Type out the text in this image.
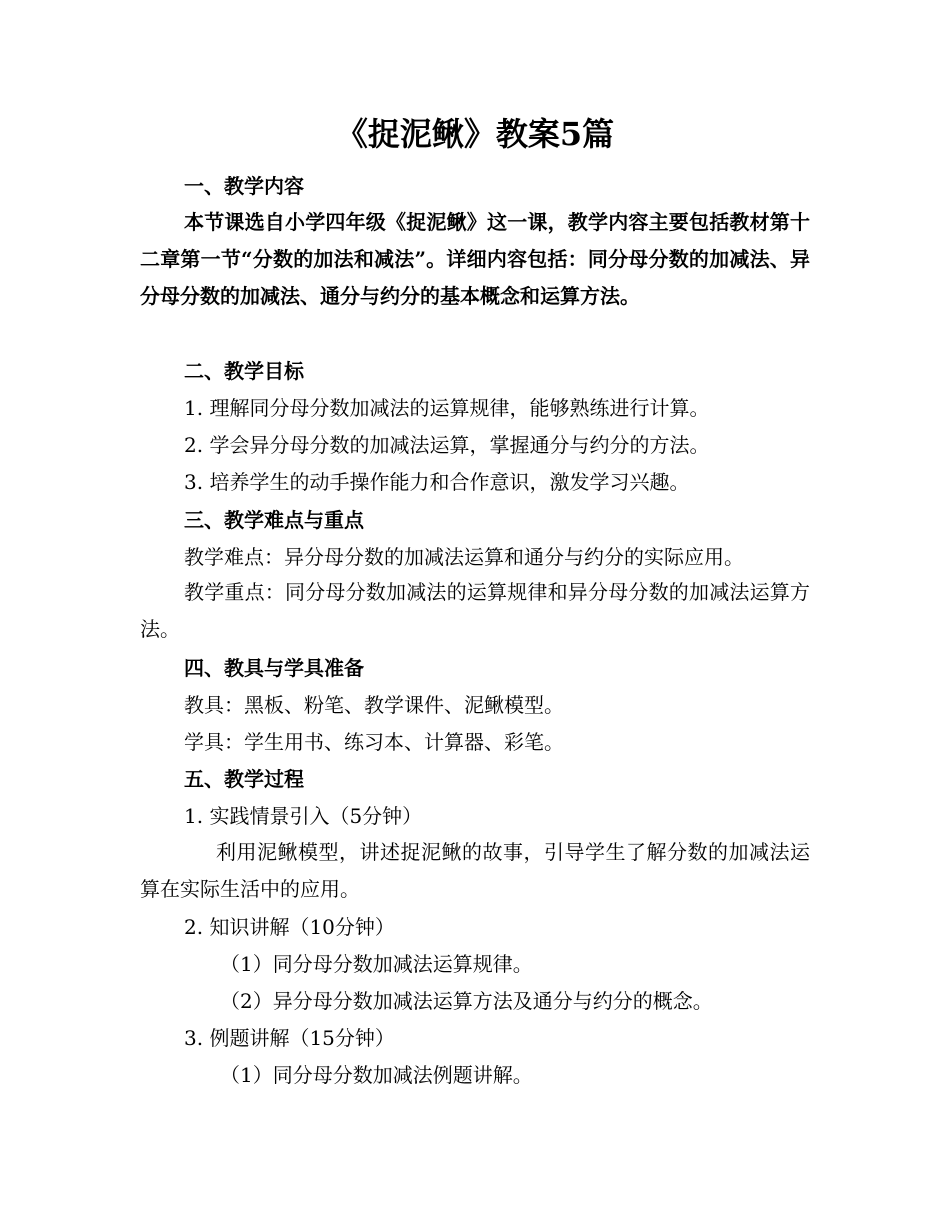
《捉泥鳅》教案5篇
一、教学内容
本节课选自小学四年级《捉泥鳅》这一课，教学内容主要包括教材第十二章第一节“分数的加法和减法”。详细内容包括：同分母分数的加减法、异分母分数的加减法、通分与约分的基本概念和运算方法。
二、教学目标
1. 理解同分母分数加减法的运算规律，能够熟练进行计算。
2. 学会异分母分数的加减法运算，掌握通分与约分的方法。
3. 培养学生的动手操作能力和合作意识，激发学习兴趣。
三、教学难点与重点
教学难点：异分母分数的加减法运算和通分与约分的实际应用。
教学重点：同分母分数加减法的运算规律和异分母分数的加减法运算方法。
四、教具与学具准备
教具：黑板、粉笔、教学课件、泥鳅模型。
学具：学生用书、练习本、计算器、彩笔。
五、教学过程
1. 实践情景引入（5分钟）
利用泥鳅模型，讲述捉泥鳅的故事，引导学生了解分数的加减法运算在实际生活中的应用。
2. 知识讲解（10分钟）
（1）同分母分数加减法运算规律。
（2）异分母分数加减法运算方法及通分与约分的概念。
3. 例题讲解（15分钟）
（1）同分母分数加减法例题讲解。
